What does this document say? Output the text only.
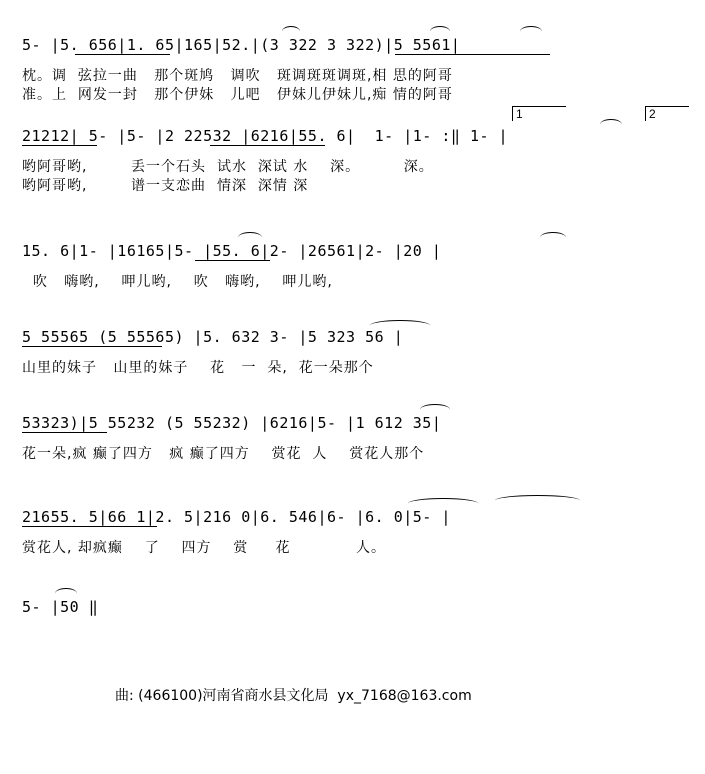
5- |5. 656|1. 65|165|52.|(3 322 3 322)|5 5561|
枕。调  弦拉一曲   那个斑鸠   调吹   斑调斑斑调斑,相 思的阿哥
准。上  网发一封   那个伊妹   儿吧   伊妹儿伊妹儿,痴 情的阿哥
1	2
21212| 5- |5- |2 22532 |6216|55. 6|  1- |1- :‖ 1- |
哟阿哥哟,        丢一个石头  试水  深试 水    深。        深。
哟阿哥哟,        谱一支恋曲  情深  深情 深
15. 6|1- |16165|5- |55. 6|2- |26561|2- |20 |
吹   嗨哟,    呷儿哟,    吹   嗨哟,    呷儿哟,
5 55565 (5 55565) |5. 632 3- |5 323 56 |
山里的妹子   山里的妹子    花   一  朵,  花一朵那个
53323)|5 55232 (5 55232) |6216|5- |1 612 35|
花一朵,疯 癫了四方   疯 癫了四方    赏花  人    赏花人那个
21655. 5|66 1|2. 5|216 0|6. 546|6- |6. 0|5- |
赏花人, 却疯癫    了    四方    赏     花            人。
5- |50 ‖
曲: (466100)河南省商水县文化局  yx_7168@163.com
